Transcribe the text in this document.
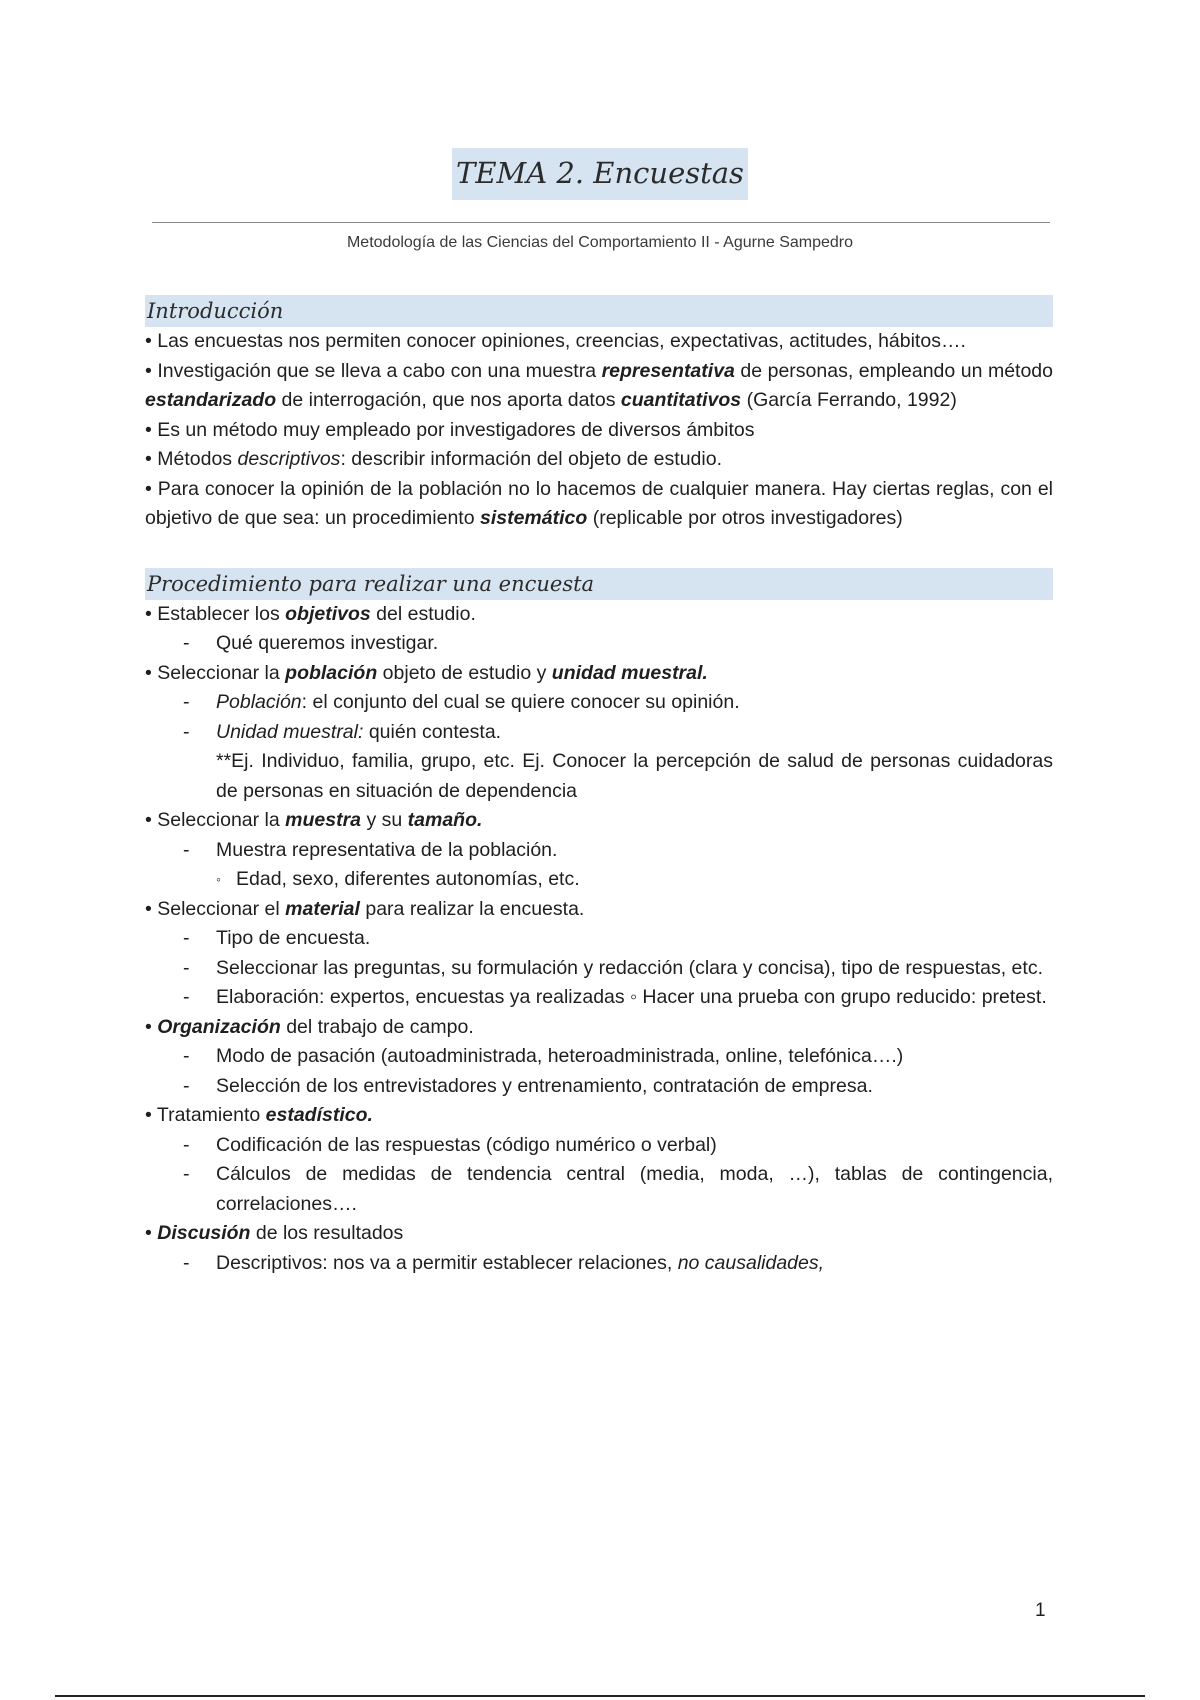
TEMA 2. Encuestas
Metodología de las Ciencias del Comportamiento II - Agurne Sampedro
Introducción
• Las encuestas nos permiten conocer opiniones, creencias, expectativas, actitudes, hábitos….
• Investigación que se lleva a cabo con una muestra representativa de personas, empleando un método estandarizado de interrogación, que nos aporta datos cuantitativos (García Ferrando, 1992)
• Es un método muy empleado por investigadores de diversos ámbitos
• Métodos descriptivos: describir información del objeto de estudio.
• Para conocer la opinión de la población no lo hacemos de cualquier manera. Hay ciertas reglas, con el objetivo de que sea: un procedimiento sistemático (replicable por otros investigadores)
Procedimiento para realizar una encuesta
• Establecer los objetivos del estudio.
-	Qué queremos investigar.
• Seleccionar la población objeto de estudio y unidad muestral.
-	Población: el conjunto del cual se quiere conocer su opinión.
-	Unidad muestral: quién contesta.
**Ej. Individuo, familia, grupo, etc. Ej. Conocer la percepción de salud de personas cuidadoras de personas en situación de dependencia
• Seleccionar la muestra y su tamaño.
-	Muestra representativa de la población.
◦ Edad, sexo, diferentes autonomías, etc.
• Seleccionar el material para realizar la encuesta.
-	Tipo de encuesta.
-	Seleccionar las preguntas, su formulación y redacción (clara y concisa), tipo de respuestas, etc.
-	Elaboración: expertos, encuestas ya realizadas ◦ Hacer una prueba con grupo reducido: pretest.
• Organización del trabajo de campo.
-	Modo de pasación (autoadministrada, heteroadministrada, online, telefónica….)
-	Selección de los entrevistadores y entrenamiento, contratación de empresa.
• Tratamiento estadístico.
-	Codificación de las respuestas (código numérico o verbal)
-	Cálculos de medidas de tendencia central (media, moda, …), tablas de contingencia, correlaciones….
• Discusión de los resultados
-	Descriptivos: nos va a permitir establecer relaciones, no causalidades,
1
